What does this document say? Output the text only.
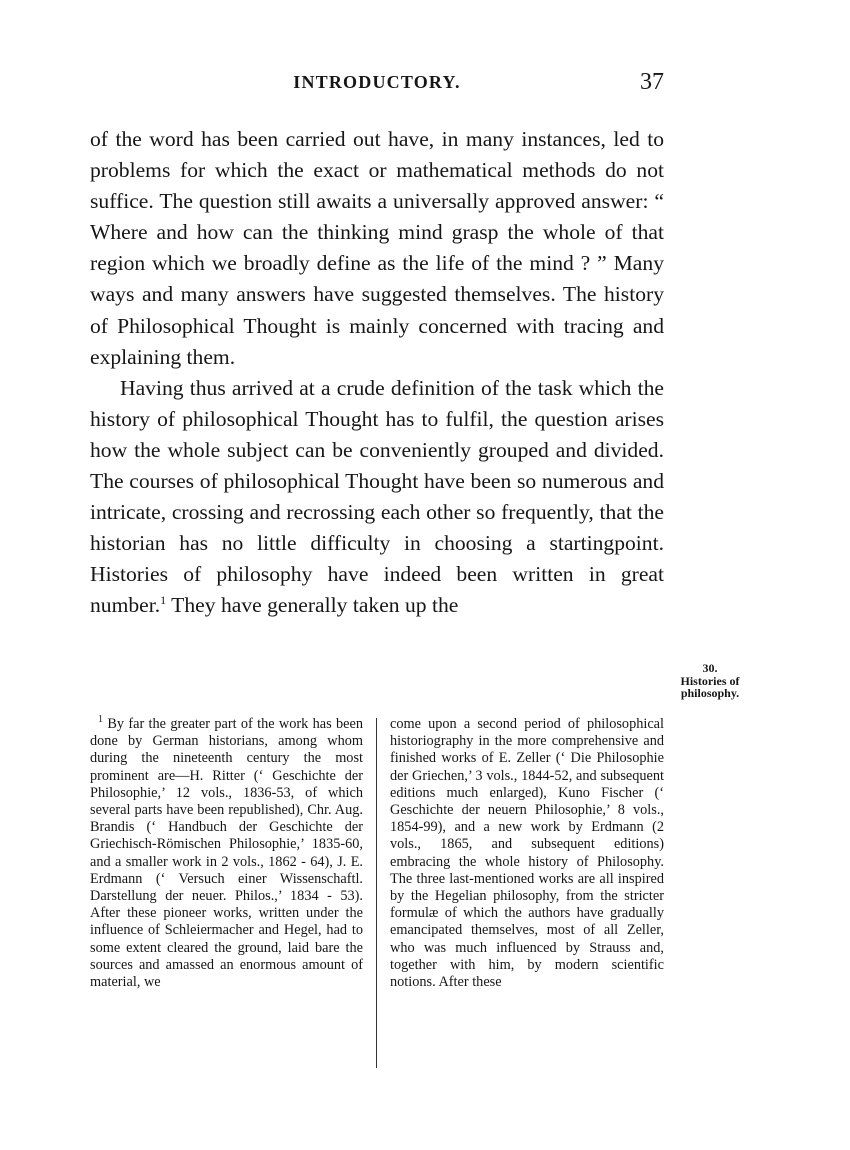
INTRODUCTORY.	37

of the word has been carried out have, in many instances, led to problems for which the exact or mathematical methods do not suffice. The question still awaits a universally approved answer: “ Where and how can the thinking mind grasp the whole of that region which we broadly define as the life of the mind ? ” Many ways and many answers have suggested themselves. The history of Philosophical Thought is mainly concerned with tracing and explaining them.

Having thus arrived at a crude definition of the task which the history of philosophical Thought has to fulfil, the question arises how the whole subject can be conveniently grouped and divided. The courses of philosophical Thought have been so numerous and intricate, crossing and recrossing each other so frequently, that the historian has no little difficulty in choosing a startingpoint. Histories of philosophy have indeed been written in great number.$^1$ They have generally taken up the

30.
Histories of
philosophy.

$^1$ By far the greater part of the work has been done by German historians, among whom during the nineteenth century the most prominent are—H. Ritter (‘ Geschichte der Philosophie,’ 12 vols., 1836-53, of which several parts have been republished), Chr. Aug. Brandis (‘ Handbuch der Geschichte der Griechisch-Römischen Philosophie,’ 1835-60, and a smaller work in 2 vols., 1862 - 64), J. E. Erdmann (‘ Versuch einer Wissenschaftl. Darstellung der neuer. Philos.,’ 1834 - 53). After these pioneer works, written under the influence of Schleiermacher and Hegel, had to some extent cleared the ground, laid bare the sources and amassed an enormous amount of material, we

come upon a second period of philosophical historiography in the more comprehensive and finished works of E. Zeller (‘ Die Philosophie der Griechen,’ 3 vols., 1844-52, and subsequent editions much enlarged), Kuno Fischer (‘ Geschichte der neuern Philosophie,’ 8 vols., 1854-99), and a new work by Erdmann (2 vols., 1865, and subsequent editions) embracing the whole history of Philosophy. The three last-mentioned works are all inspired by the Hegelian philosophy, from the stricter formulæ of which the authors have gradually emancipated themselves, most of all Zeller, who was much influenced by Strauss and, together with him, by modern scientific notions. After these
